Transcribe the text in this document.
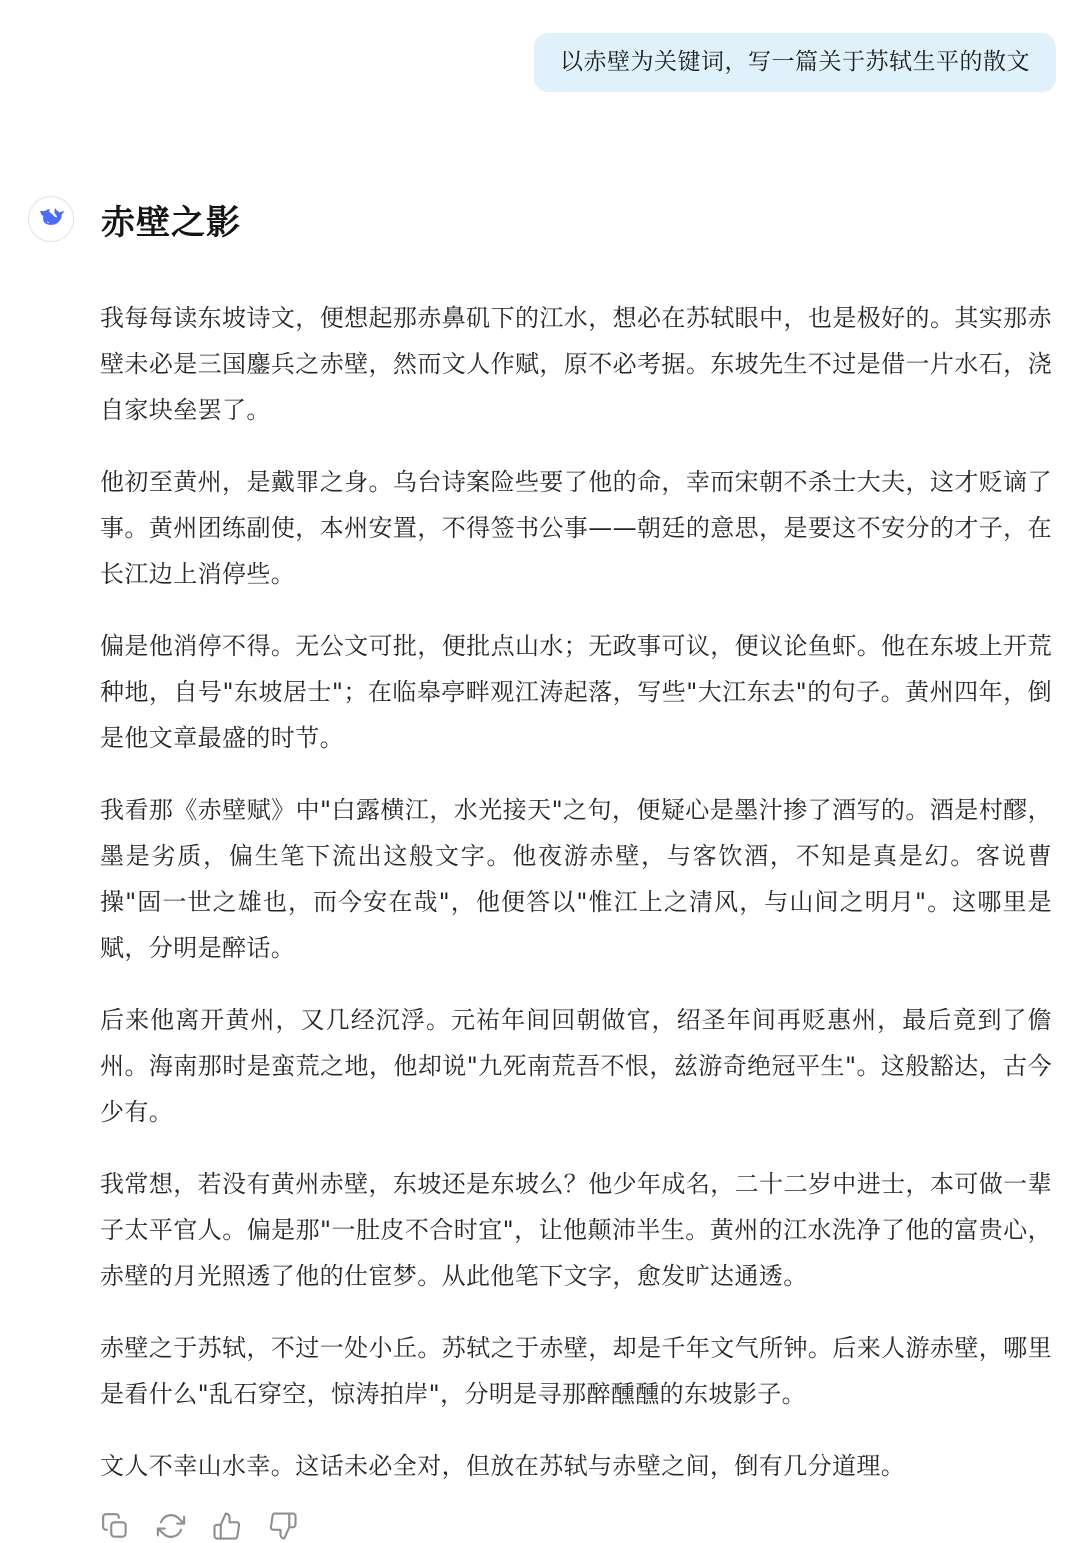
以赤壁为关键词，写一篇关于苏轼生平的散文
赤壁之影

我每每读东坡诗文，便想起那赤鼻矶下的江水，想必在苏轼眼中，也是极好的。其实那赤壁未必是三国鏖兵之赤壁，然而文人作赋，原不必考据。东坡先生不过是借一片水石，浇自家块垒罢了。

他初至黄州，是戴罪之身。乌台诗案险些要了他的命，幸而宋朝不杀士大夫，这才贬谪了事。黄州团练副使，本州安置，不得签书公事——朝廷的意思，是要这不安分的才子，在长江边上消停些。

偏是他消停不得。无公文可批，便批点山水；无政事可议，便议论鱼虾。他在东坡上开荒种地，自号"东坡居士"；在临皋亭畔观江涛起落，写些"大江东去"的句子。黄州四年，倒是他文章最盛的时节。

我看那《赤壁赋》中"白露横江，水光接天"之句，便疑心是墨汁掺了酒写的。酒是村醪，墨是劣质，偏生笔下流出这般文字。他夜游赤壁，与客饮酒，不知是真是幻。客说曹操"固一世之雄也，而今安在哉"，他便答以"惟江上之清风，与山间之明月"。这哪里是赋，分明是醉话。

后来他离开黄州，又几经沉浮。元祐年间回朝做官，绍圣年间再贬惠州，最后竟到了儋州。海南那时是蛮荒之地，他却说"九死南荒吾不恨，兹游奇绝冠平生"。这般豁达，古今少有。

我常想，若没有黄州赤壁，东坡还是东坡么？他少年成名，二十二岁中进士，本可做一辈子太平官人。偏是那"一肚皮不合时宜"，让他颠沛半生。黄州的江水洗净了他的富贵心，赤壁的月光照透了他的仕宦梦。从此他笔下文字，愈发旷达通透。

赤壁之于苏轼，不过一处小丘。苏轼之于赤壁，却是千年文气所钟。后来人游赤壁，哪里是看什么"乱石穿空，惊涛拍岸"，分明是寻那醉醺醺的东坡影子。

文人不幸山水幸。这话未必全对，但放在苏轼与赤壁之间，倒有几分道理。
